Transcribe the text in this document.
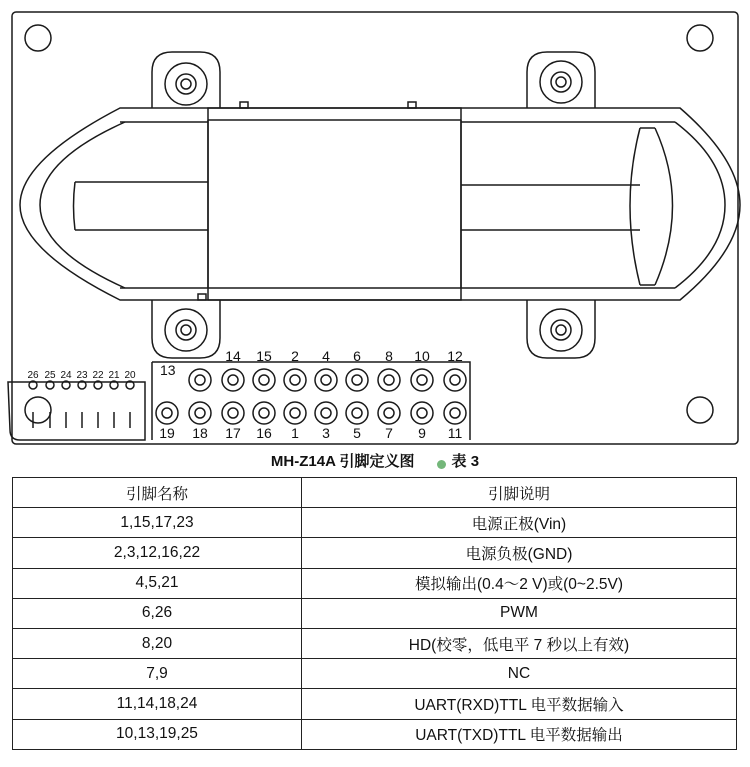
14 15 2 4 6 8 10 12
19 18 17 16 1 3 5 7 9 11
26 25 24 23 22 21 20 13
MH-Z14A 引脚定义图 表 3
引脚名称	引脚说明
1,15,17,23	电源正极(Vin)
2,3,12,16,22	电源负极(GND)
4,5,21	模拟输出(0.4～2 V)或(0~2.5V)
6,26	PWM
8,20	HD(校零，低电平 7 秒以上有效)
7,9	NC
11,14,18,24	UART(RXD)TTL 电平数据输入
10,13,19,25	UART(TXD)TTL 电平数据输出
